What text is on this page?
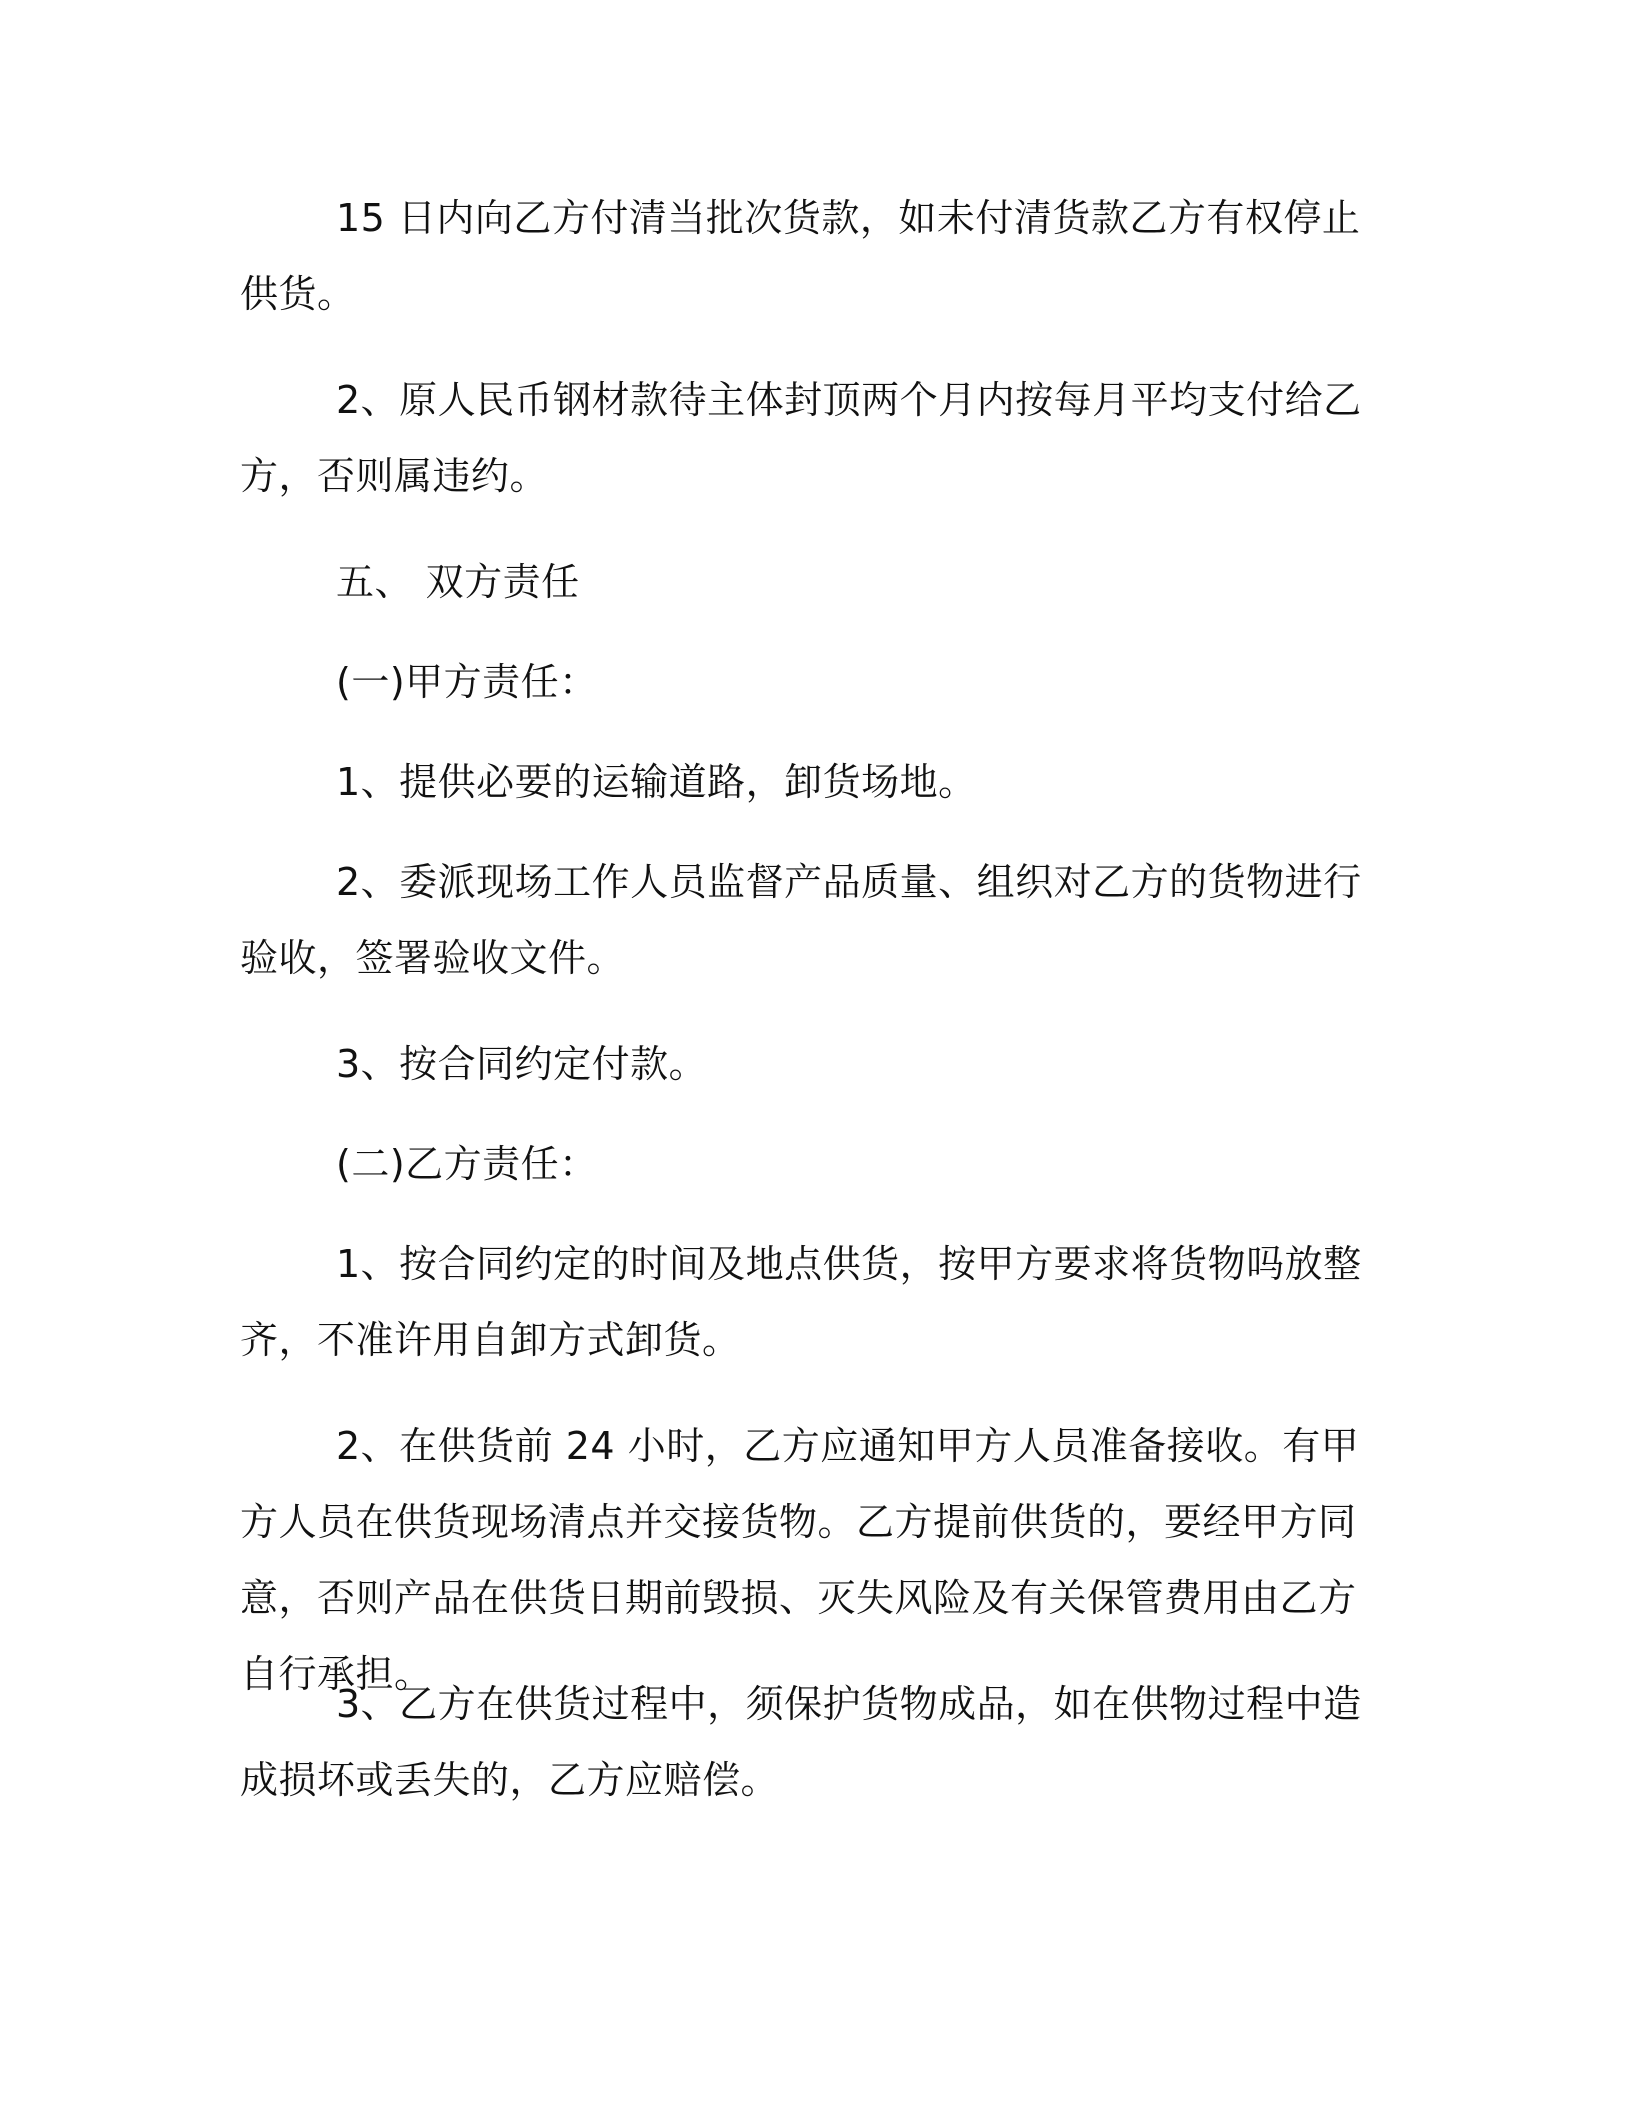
15 日内向乙方付清当批次货款，如未付清货款乙方有权停止供货。

2、原人民币钢材款待主体封顶两个月内按每月平均支付给乙方，否则属违约。

五、 双方责任

(一)甲方责任：

1、提供必要的运输道路，卸货场地。

2、委派现场工作人员监督产品质量、组织对乙方的货物进行验收，签署验收文件。

3、按合同约定付款。

(二)乙方责任：

1、按合同约定的时间及地点供货，按甲方要求将货物吗放整齐，不准许用自卸方式卸货。

2、在供货前 24 小时，乙方应通知甲方人员准备接收。有甲方人员在供货现场清点并交接货物。乙方提前供货的，要经甲方同意，否则产品在供货日期前毁损、灭失风险及有关保管费用由乙方自行承担。

3、乙方在供货过程中，须保护货物成品，如在供物过程中造成损坏或丢失的，乙方应赔偿。
